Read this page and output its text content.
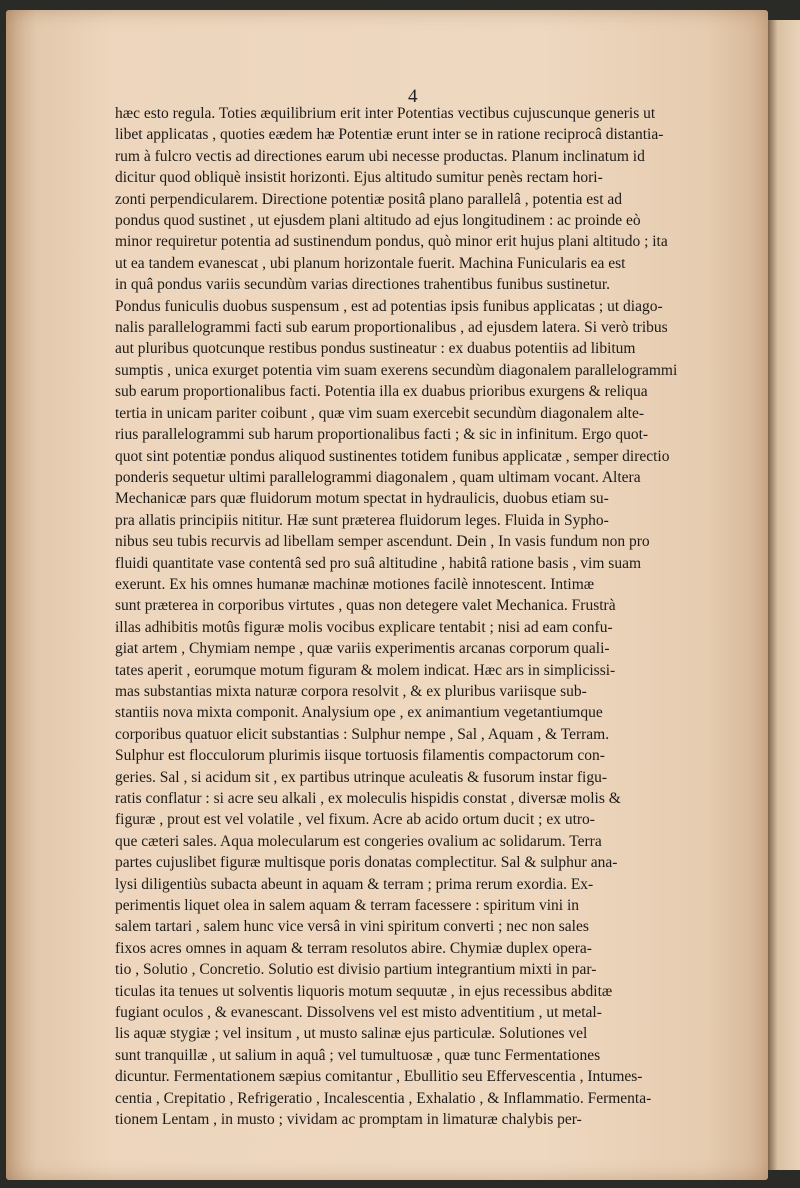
4
hæc esto regula. Toties æquilibrium erit inter Potentias vectibus cujuscunque generis ut
libet applicatas , quoties eædem hæ Potentiæ erunt inter se in ratione reciprocâ distantia-
rum à fulcro vectis ad directiones earum ubi necesse productas. Planum inclinatum id
dicitur quod obliquè insistit horizonti. Ejus altitudo sumitur penès rectam hori-
zonti perpendicularem. Directione potentiæ positâ plano parallelâ , potentia est ad
pondus quod sustinet , ut ejusdem plani altitudo ad ejus longitudinem : ac proinde eò
minor requiretur potentia ad sustinendum pondus, quò minor erit hujus plani altitudo ; ita
ut ea tandem evanescat , ubi planum horizontale fuerit. Machina Funicularis ea est
in quâ pondus variis secundùm varias directiones trahentibus funibus sustinetur.
Pondus funiculis duobus suspensum , est ad potentias ipsis funibus applicatas ; ut diago-
nalis parallelogrammi facti sub earum proportionalibus , ad ejusdem latera. Si verò tribus
aut pluribus quotcunque restibus pondus sustineatur : ex duabus potentiis ad libitum
sumptis , unica exurget potentia vim suam exerens secundùm diagonalem parallelogrammi
sub earum proportionalibus facti. Potentia illa ex duabus prioribus exurgens & reliqua
tertia in unicam pariter coibunt , quæ vim suam exercebit secundùm diagonalem alte-
rius parallelogrammi sub harum proportionalibus facti ; & sic in infinitum. Ergo quot-
quot sint potentiæ pondus aliquod sustinentes totidem funibus applicatæ , semper directio
ponderis sequetur ultimi parallelogrammi diagonalem , quam ultimam vocant. Altera
Mechanicæ pars quæ fluidorum motum spectat in hydraulicis, duobus etiam su-
pra allatis principiis nititur. Hæ sunt præterea fluidorum leges. Fluida in Sypho-
nibus seu tubis recurvis ad libellam semper ascendunt. Dein , In vasis fundum non pro
fluidi quantitate vase contentâ sed pro suâ altitudine , habitâ ratione basis , vim suam
exerunt. Ex his omnes humanæ machinæ motiones facilè innotescent. Intimæ
sunt præterea in corporibus virtutes , quas non detegere valet Mechanica. Frustrà
illas adhibitis motûs figuræ molis vocibus explicare tentabit ; nisi ad eam confu-
giat artem , Chymiam nempe , quæ variis experimentis arcanas corporum quali-
tates aperit , eorumque motum figuram & molem indicat. Hæc ars in simplicissi-
mas substantias mixta naturæ corpora resolvit , & ex pluribus variisque sub-
stantiis nova mixta componit. Analysium ope , ex animantium vegetantiumque
corporibus quatuor elicit substantias : Sulphur nempe , Sal , Aquam , & Terram.
Sulphur est flocculorum plurimis iisque tortuosis filamentis compactorum con-
geries. Sal , si acidum sit , ex partibus utrinque aculeatis & fusorum instar figu-
ratis conflatur : si acre seu alkali , ex moleculis hispidis constat , diversæ molis &
figuræ , prout est vel volatile , vel fixum. Acre ab acido ortum ducit ; ex utro-
que cæteri sales. Aqua molecularum est congeries ovalium ac solidarum. Terra
partes cujuslibet figuræ multisque poris donatas complectitur. Sal & sulphur ana-
lysi diligentiùs subacta abeunt in aquam & terram ; prima rerum exordia. Ex-
perimentis liquet olea in salem aquam & terram facessere : spiritum vini in
salem tartari , salem hunc vice versâ in vini spiritum converti ; nec non sales
fixos acres omnes in aquam & terram resolutos abire. Chymiæ duplex opera-
tio , Solutio , Concretio. Solutio est divisio partium integrantium mixti in par-
ticulas ita tenues ut solventis liquoris motum sequutæ , in ejus recessibus abditæ
fugiant oculos , & evanescant. Dissolvens vel est misto adventitium , ut metal-
lis aquæ stygiæ ; vel insitum , ut musto salinæ ejus particulæ. Solutiones vel
sunt tranquillæ , ut salium in aquâ ; vel tumultuosæ , quæ tunc Fermentationes
dicuntur. Fermentationem sæpius comitantur , Ebullitio seu Effervescentia , Intumes-
centia , Crepitatio , Refrigeratio , Incalescentia , Exhalatio , & Inflammatio. Fermenta-
tionem Lentam , in musto ; vividam ac promptam in limaturæ chalybis per-
